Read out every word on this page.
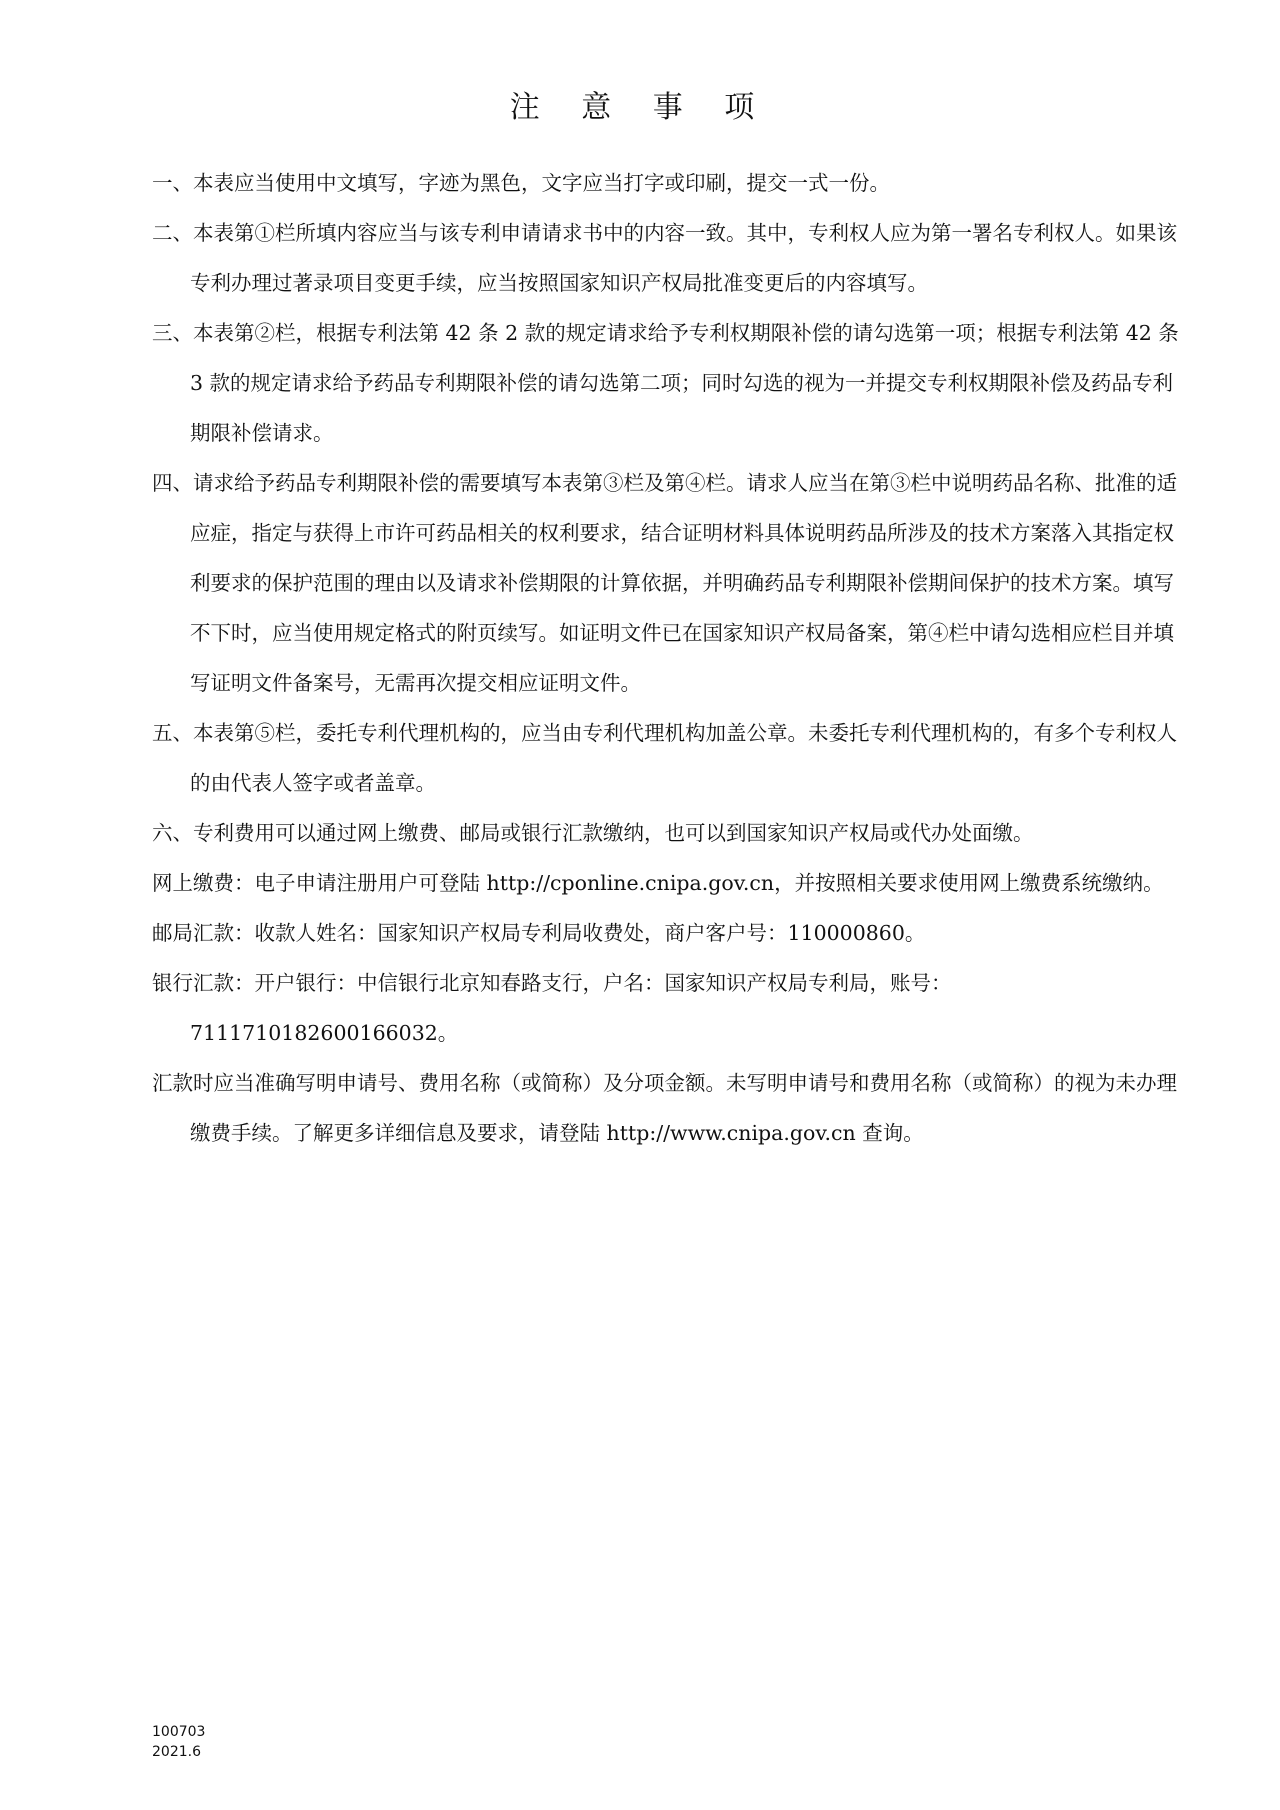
注 意 事 项

一、本表应当使用中文填写，字迹为黑色，文字应当打字或印刷，提交一式一份。

二、本表第①栏所填内容应当与该专利申请请求书中的内容一致。其中，专利权人应为第一署名专利权人。如果该专利办理过著录项目变更手续，应当按照国家知识产权局批准变更后的内容填写。

三、本表第②栏，根据专利法第 42 条 2 款的规定请求给予专利权期限补偿的请勾选第一项；根据专利法第 42 条 3 款的规定请求给予药品专利期限补偿的请勾选第二项；同时勾选的视为一并提交专利权期限补偿及药品专利期限补偿请求。

四、请求给予药品专利期限补偿的需要填写本表第③栏及第④栏。请求人应当在第③栏中说明药品名称、批准的适应症，指定与获得上市许可药品相关的权利要求，结合证明材料具体说明药品所涉及的技术方案落入其指定权利要求的保护范围的理由以及请求补偿期限的计算依据，并明确药品专利期限补偿期间保护的技术方案。填写不下时，应当使用规定格式的附页续写。如证明文件已在国家知识产权局备案，第④栏中请勾选相应栏目并填写证明文件备案号，无需再次提交相应证明文件。

五、本表第⑤栏，委托专利代理机构的，应当由专利代理机构加盖公章。未委托专利代理机构的，有多个专利权人的由代表人签字或者盖章。

六、专利费用可以通过网上缴费、邮局或银行汇款缴纳，也可以到国家知识产权局或代办处面缴。

网上缴费：电子申请注册用户可登陆 http://cponline.cnipa.gov.cn，并按照相关要求使用网上缴费系统缴纳。

邮局汇款：收款人姓名：国家知识产权局专利局收费处，商户客户号：110000860。

银行汇款：开户银行：中信银行北京知春路支行，户名：国家知识产权局专利局，账号：7111710182600166032。

汇款时应当准确写明申请号、费用名称（或简称）及分项金额。未写明申请号和费用名称（或简称）的视为未办理缴费手续。了解更多详细信息及要求，请登陆 http://www.cnipa.gov.cn 查询。

100703
2021.6
